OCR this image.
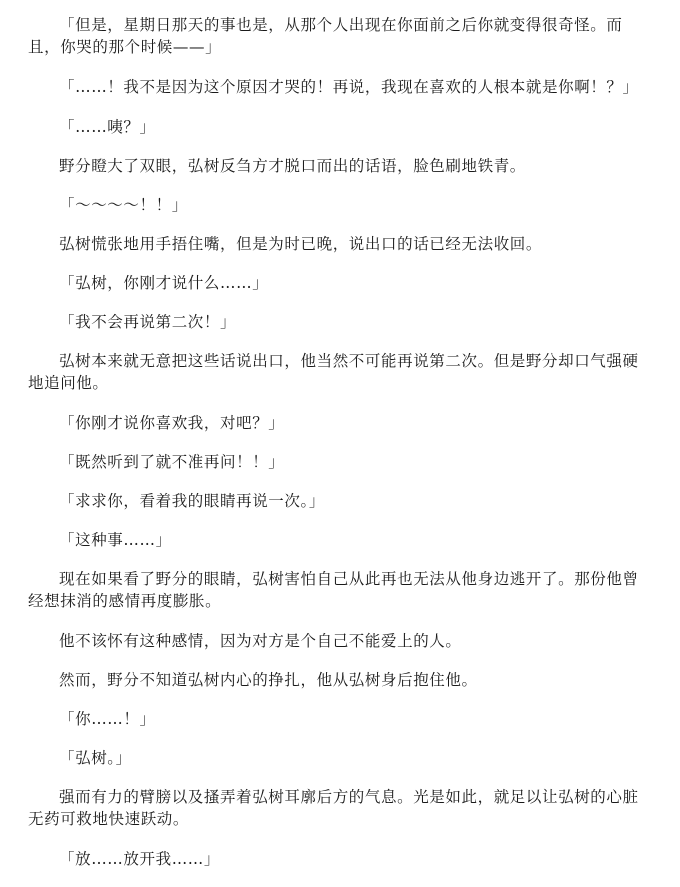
「但是，星期日那天的事也是，从那个人出现在你面前之后你就变得很奇怪。而且，你哭的那个时候——」

「……！我不是因为这个原因才哭的！再说，我现在喜欢的人根本就是你啊！？」

「……咦？」

野分瞪大了双眼，弘树反刍方才脱口而出的话语，脸色刷地铁青。

「～～～～！！」

弘树慌张地用手捂住嘴，但是为时已晚，说出口的话已经无法收回。

「弘树，你刚才说什么……」

「我不会再说第二次！」

弘树本来就无意把这些话说出口，他当然不可能再说第二次。但是野分却口气强硬地追问他。

「你刚才说你喜欢我，对吧？」

「既然听到了就不准再问！！」

「求求你，看着我的眼睛再说一次。」

「这种事……」

现在如果看了野分的眼睛，弘树害怕自己从此再也无法从他身边逃开了。那份他曾经想抹消的感情再度膨胀。

他不该怀有这种感情，因为对方是个自己不能爱上的人。

然而，野分不知道弘树内心的挣扎，他从弘树身后抱住他。

「你……！」

「弘树。」

强而有力的臂膀以及搔弄着弘树耳廓后方的气息。光是如此，就足以让弘树的心脏无药可救地快速跃动。

「放……放开我……」
